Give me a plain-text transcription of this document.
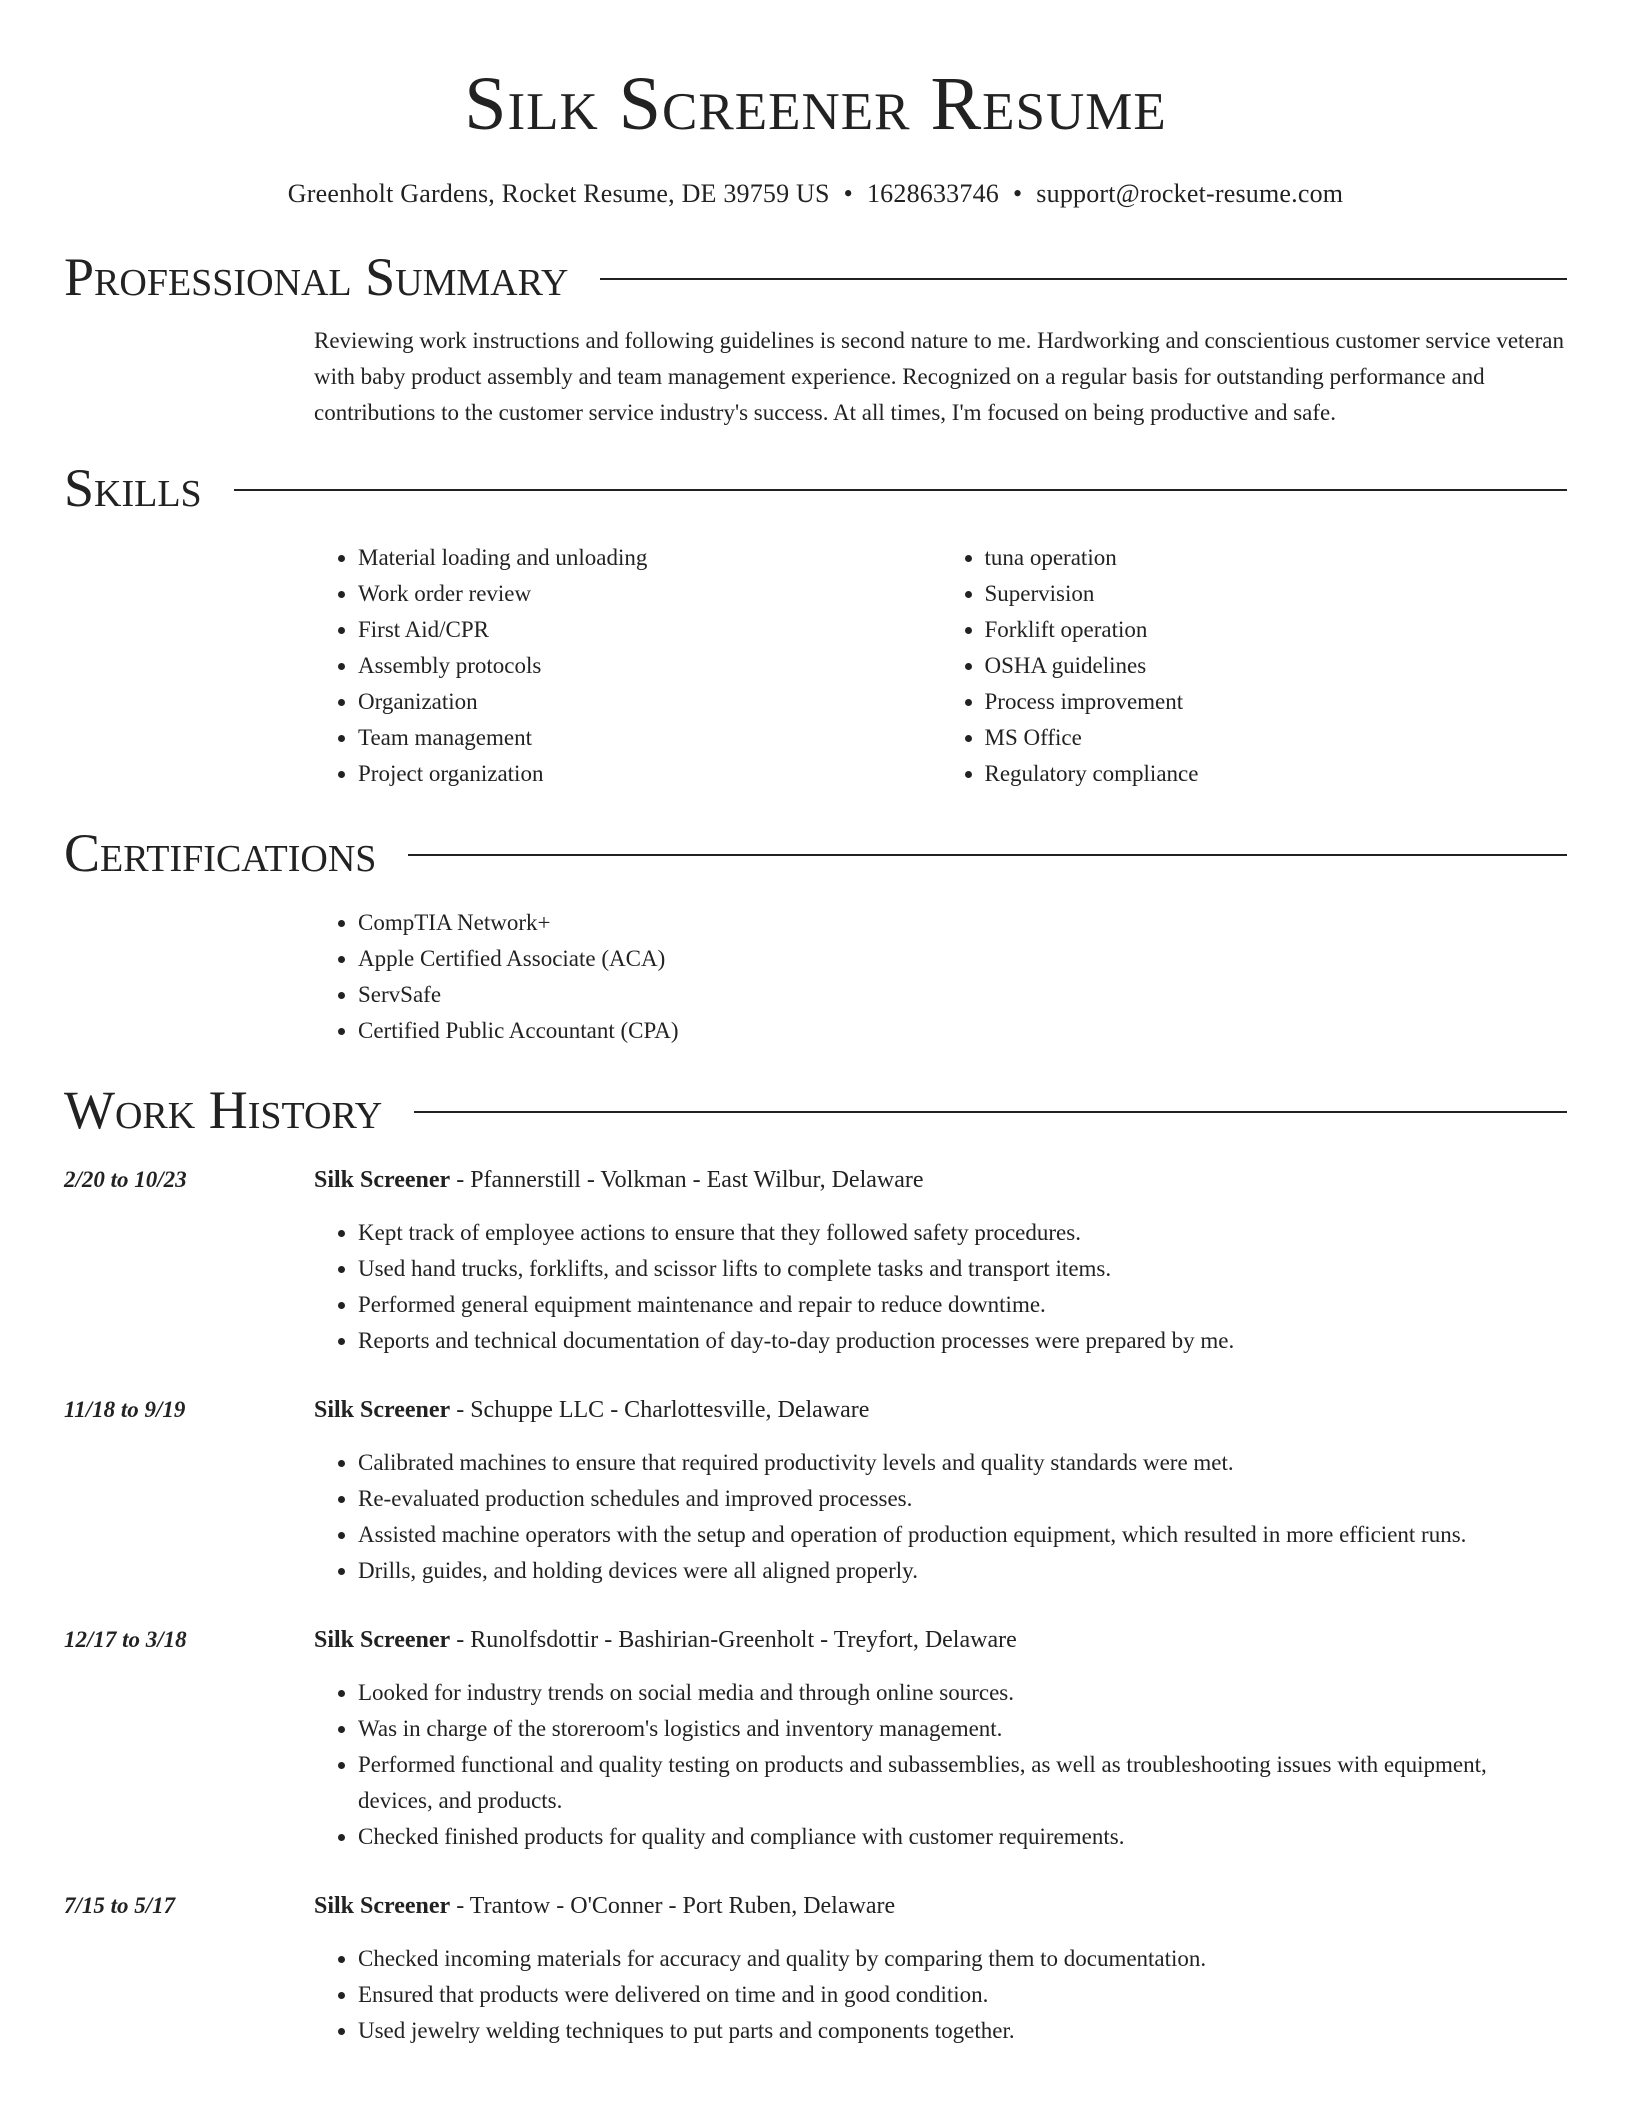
Silk Screener Resume
Greenholt Gardens, Rocket Resume, DE 39759 US • 1628633746 • support@rocket-resume.com
Professional Summary

Reviewing work instructions and following guidelines is second nature to me. Hardworking and conscientious customer service veteran with baby product assembly and team management experience. Recognized on a regular basis for outstanding performance and contributions to the customer service industry's success. At all times, I'm focused on being productive and safe.

Skills
• Material loading and unloading
• Work order review
• First Aid/CPR
• Assembly protocols
• Organization
• Team management
• Project organization
• tuna operation
• Supervision
• Forklift operation
• OSHA guidelines
• Process improvement
• MS Office
• Regulatory compliance
Certifications
• CompTIA Network+
• Apple Certified Associate (ACA)
• ServSafe
• Certified Public Accountant (CPA)
Work History
2/20 to 10/23	Silk Screener - Pfannerstill - Volkman - East Wilbur, Delaware
• Kept track of employee actions to ensure that they followed safety procedures.
• Used hand trucks, forklifts, and scissor lifts to complete tasks and transport items.
• Performed general equipment maintenance and repair to reduce downtime.
• Reports and technical documentation of day-to-day production processes were prepared by me.
11/18 to 9/19	Silk Screener - Schuppe LLC - Charlottesville, Delaware
• Calibrated machines to ensure that required productivity levels and quality standards were met.
• Re-evaluated production schedules and improved processes.
• Assisted machine operators with the setup and operation of production equipment, which resulted in more efficient runs.
• Drills, guides, and holding devices were all aligned properly.
12/17 to 3/18	Silk Screener - Runolfsdottir - Bashirian-Greenholt - Treyfort, Delaware
• Looked for industry trends on social media and through online sources.
• Was in charge of the storeroom's logistics and inventory management.
• Performed functional and quality testing on products and subassemblies, as well as troubleshooting issues with equipment, devices, and products.
• Checked finished products for quality and compliance with customer requirements.
7/15 to 5/17	Silk Screener - Trantow - O'Conner - Port Ruben, Delaware
• Checked incoming materials for accuracy and quality by comparing them to documentation.
• Ensured that products were delivered on time and in good condition.
• Used jewelry welding techniques to put parts and components together.
